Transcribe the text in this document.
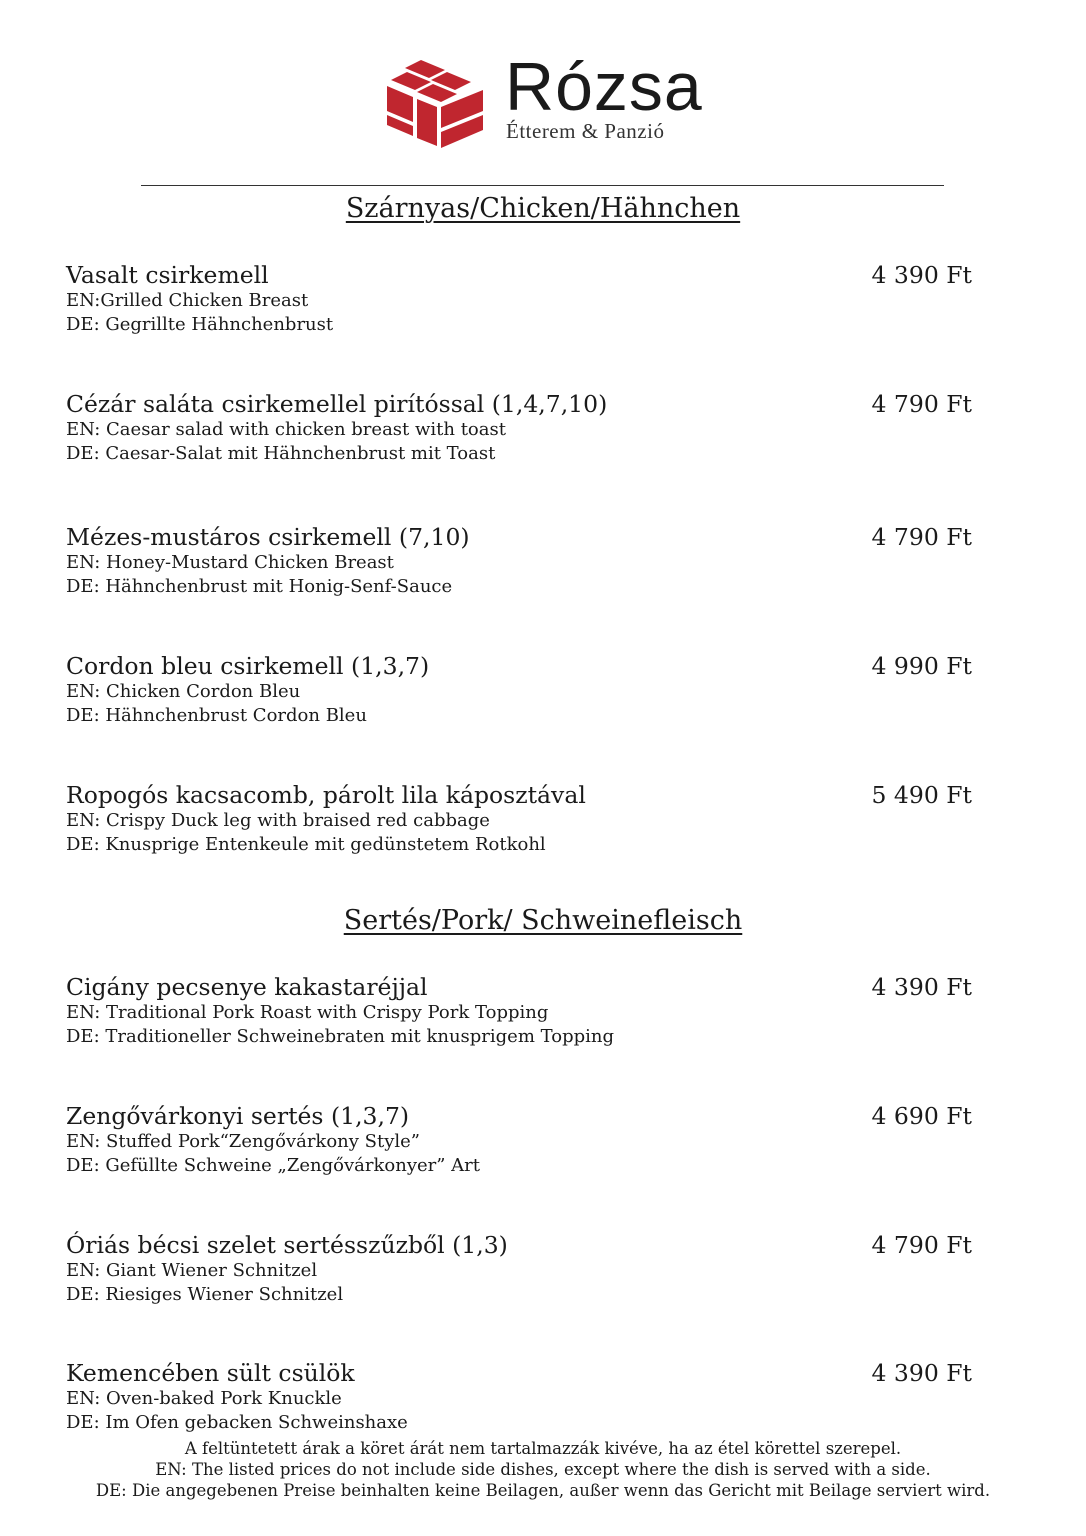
Rózsa
Étterem & Panzió
Szárnyas/Chicken/Hähnchen
Vasalt csirkemell	4 390 Ft
EN:Grilled Chicken Breast
DE: Gegrillte Hähnchenbrust
Cézár saláta csirkemellel pirítóssal (1,4,7,10)	4 790 Ft
EN: Caesar salad with chicken breast with toast
DE: Caesar-Salat mit Hähnchenbrust mit Toast
Mézes-mustáros csirkemell (7,10)	4 790 Ft
EN: Honey-Mustard Chicken Breast
DE: Hähnchenbrust mit Honig-Senf-Sauce
Cordon bleu csirkemell (1,3,7)	4 990 Ft
EN: Chicken Cordon Bleu
DE: Hähnchenbrust Cordon Bleu
Ropogós kacsacomb, párolt lila káposztával	5 490 Ft
EN: Crispy Duck leg with braised red cabbage
DE: Knusprige Entenkeule mit gedünstetem Rotkohl
Sertés/Pork/ Schweinefleisch
Cigány pecsenye kakastaréjjal	4 390 Ft
EN: Traditional Pork Roast with Crispy Pork Topping
DE: Traditioneller Schweinebraten mit knusprigem Topping
Zengővárkonyi sertés (1,3,7)	4 690 Ft
EN: Stuffed Pork“Zengővárkony Style”
DE: Gefüllte Schweine „Zengővárkonyer” Art
Óriás bécsi szelet sertésszűzből (1,3)	4 790 Ft
EN: Giant Wiener Schnitzel
DE: Riesiges Wiener Schnitzel
Kemencében sült csülök	4 390 Ft
EN: Oven-baked Pork Knuckle
DE: Im Ofen gebacken Schweinshaxe
A feltüntetett árak a köret árát nem tartalmazzák kivéve, ha az étel körettel szerepel.
EN: The listed prices do not include side dishes, except where the dish is served with a side.
DE: Die angegebenen Preise beinhalten keine Beilagen, außer wenn das Gericht mit Beilage serviert wird.
